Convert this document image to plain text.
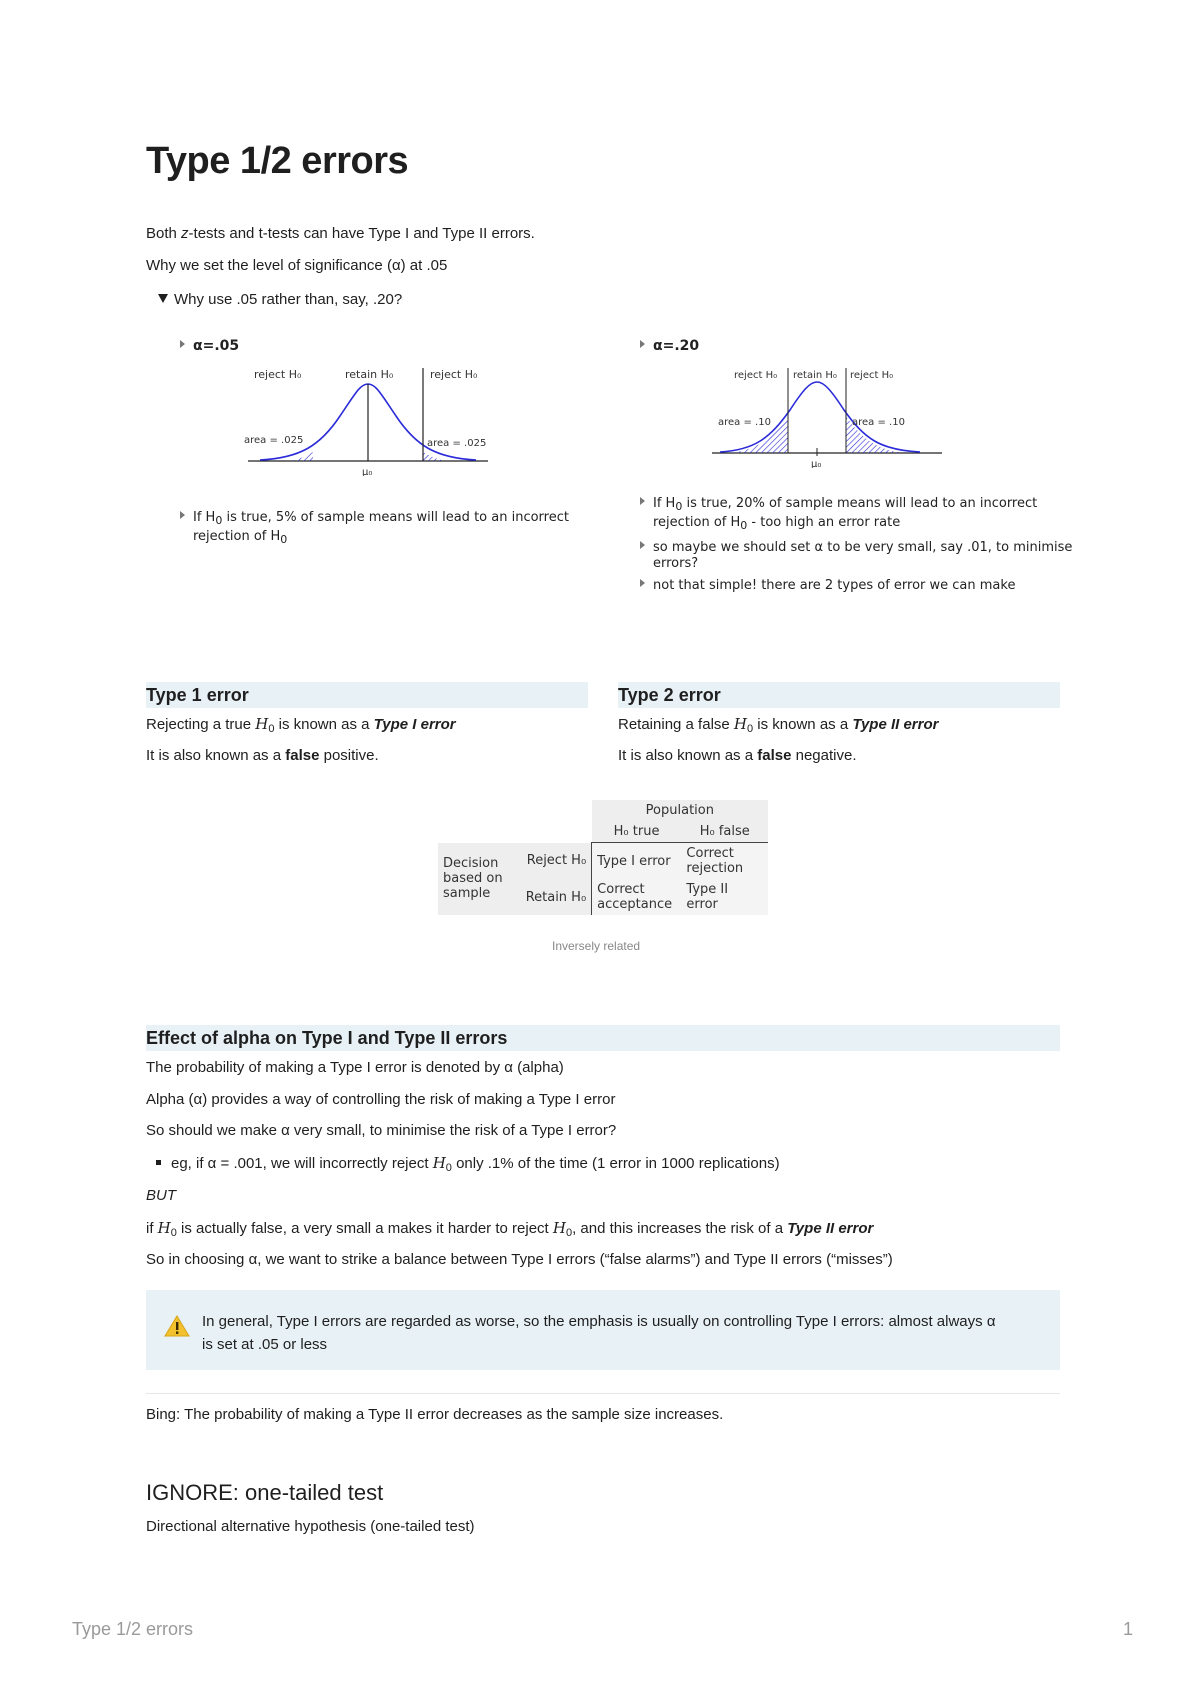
Type 1/2 errors
Both z-tests and t-tests can have Type I and Type II errors.
Why we set the level of significance (α) at .05
Why use .05 rather than, say, .20?
α=.05
reject H₀	retain H₀	reject H₀
area = .025	area = .025
μ₀
If $H_0$ is true, 5% of sample means will lead to an incorrect
rejection of $H_0$
α=.20
reject H₀ retain H₀ reject H₀
area = .10	area = .10
μ₀
If $H_0$ is true, 20% of sample means will lead to an incorrect
rejection of $H_0$ - too high an error rate
so maybe we should set α to be very small, say .01, to minimise
errors?
not that simple! there are 2 types of error we can make
Type 1 error
Rejecting a true $H_0$ is known as a Type I error
It is also known as a false positive.
Type 2 error
Retaining a false $H_0$ is known as a Type II error
It is also known as a false negative.
		Population	
		H₀ true	H₀ false
Decision based on sample	Reject H₀	Type I error	Correct rejection
	Retain H₀	Correct acceptance	Type II error
Inversely related
Effect of alpha on Type I and Type II errors
The probability of making a Type I error is denoted by α (alpha)
Alpha (α) provides a way of controlling the risk of making a Type I error
So should we make α very small, to minimise the risk of a Type I error?
eg, if α = .001, we will incorrectly reject $H_0$ only .1% of the time (1 error in 1000 replications)
BUT
if $H_0$ is actually false, a very small a makes it harder to reject $H_0$, and this increases the risk of a Type II error
So in choosing α, we want to strike a balance between Type I errors (“false alarms”) and Type II errors (“misses”)
In general, Type I errors are regarded as worse, so the emphasis is usually on controlling Type I errors: almost always α
is set at .05 or less
Bing: The probability of making a Type II error decreases as the sample size increases.
IGNORE: one-tailed test
Directional alternative hypothesis (one-tailed test)
Type 1/2 errors	1
